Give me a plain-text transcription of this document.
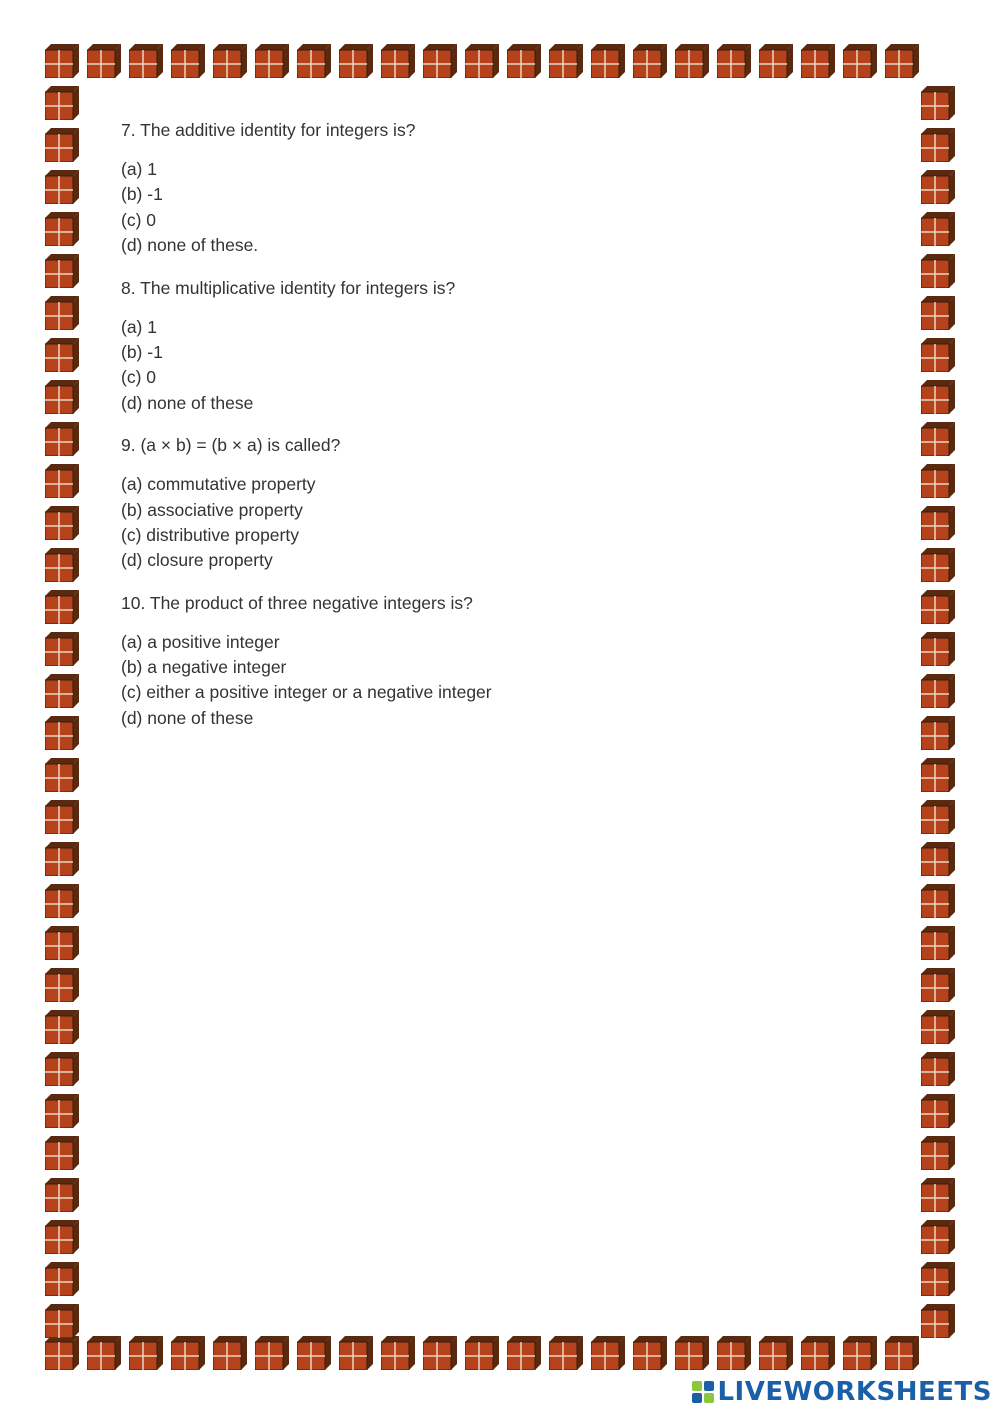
7. The additive identity for integers is?
(a) 1
(b) -1
(c) 0
(d) none of these.
8. The multiplicative identity for integers is?
(a) 1
(b) -1
(c) 0
(d) none of these
9. (a × b) = (b × a) is called?
(a) commutative property
(b) associative property
(c) distributive property
(d) closure property
10. The product of three negative integers is?
(a) a positive integer
(b) a negative integer
(c) either a positive integer or a negative integer
(d) none of these
LIVEWORKSHEETS
